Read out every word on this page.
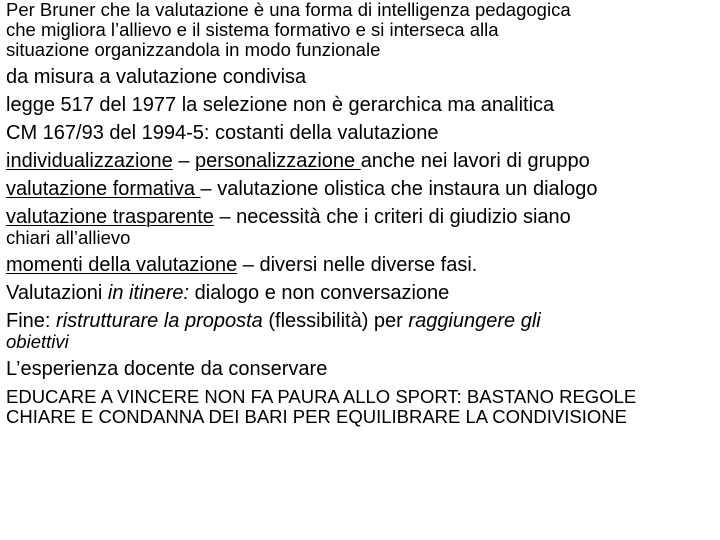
Per Bruner che la valutazione è una forma di intelligenza pedagogica
che migliora l’allievo e il sistema formativo e si interseca alla
situazione organizzandola in modo funzionale
da misura a valutazione condivisa
legge 517 del 1977 la selezione non è gerarchica ma analitica
CM 167/93 del 1994-5: costanti della valutazione
individualizzazione – personalizzazione anche nei lavori di gruppo
valutazione formativa – valutazione olistica che instaura un dialogo
valutazione trasparente – necessità che i criteri di giudizio siano
chiari all’allievo
momenti della valutazione – diversi nelle diverse fasi.
Valutazioni in itinere: dialogo e non conversazione
Fine: ristrutturare la proposta (flessibilità) per raggiungere gli
obiettivi
L’esperienza docente da conservare
EDUCARE A VINCERE NON FA PAURA ALLO SPORT: BASTANO REGOLE
CHIARE E CONDANNA DEI BARI PER EQUILIBRARE LA CONDIVISIONE
